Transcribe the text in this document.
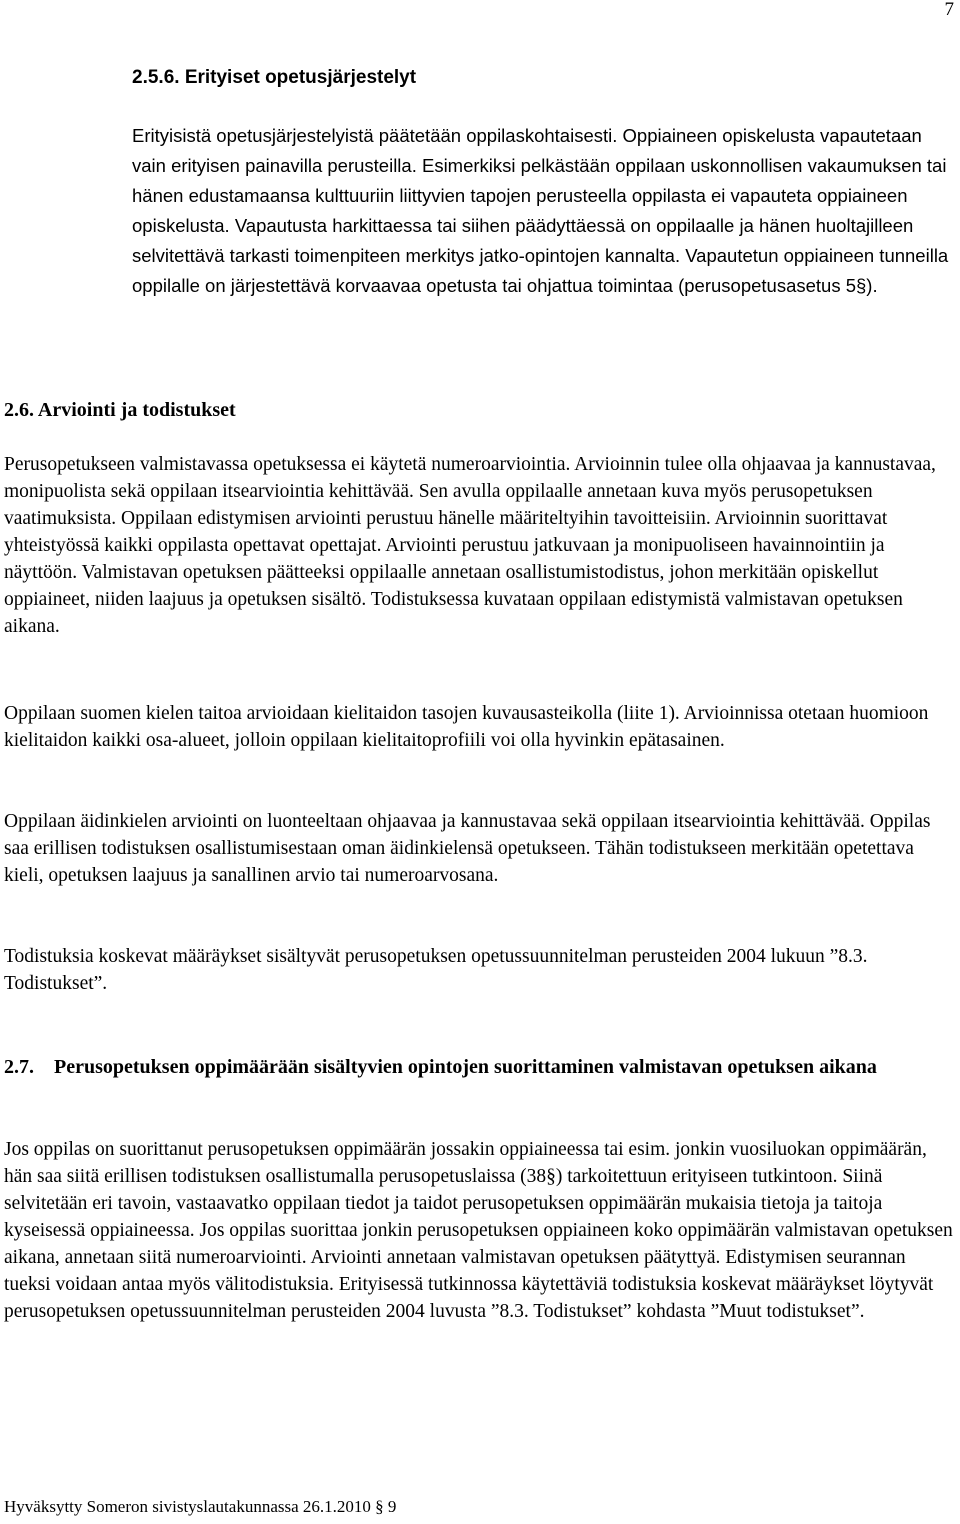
7
2.5.6. Erityiset opetusjärjestelyt

Erityisistä opetusjärjestelyistä päätetään oppilaskohtaisesti. Oppiaineen opiskelusta vapautetaan vain erityisen painavilla perusteilla. Esimerkiksi pelkästään oppilaan uskonnollisen vakaumuksen tai hänen edustamaansa kulttuuriin liittyvien tapojen perusteella oppilasta ei vapauteta oppiaineen opiskelusta. Vapautusta harkittaessa tai siihen päädyttäessä on oppilaalle ja hänen huoltajilleen selvitettävä tarkasti toimenpiteen merkitys jatko-opintojen kannalta. Vapautetun oppiaineen tunneilla oppilalle on järjestettävä korvaavaa opetusta tai ohjattua toimintaa (perusopetusasetus 5§).

2.6. Arviointi ja todistukset

Perusopetukseen valmistavassa opetuksessa ei käytetä numeroarviointia. Arvioinnin tulee olla ohjaavaa ja kannustavaa, monipuolista sekä oppilaan itsearviointia kehittävää. Sen avulla oppilaalle annetaan kuva myös perusopetuksen vaatimuksista. Oppilaan edistymisen arviointi perustuu hänelle määriteltyihin tavoitteisiin. Arvioinnin suorittavat yhteistyössä kaikki oppilasta opettavat opettajat. Arviointi perustuu jatkuvaan ja monipuoliseen havainnointiin ja näyttöön. Valmistavan opetuksen päätteeksi oppilaalle annetaan osallistumistodistus, johon merkitään opiskellut oppiaineet, niiden laajuus ja opetuksen sisältö. Todistuksessa kuvataan oppilaan edistymistä valmistavan opetuksen aikana.

Oppilaan suomen kielen taitoa arvioidaan kielitaidon tasojen kuvausasteikolla (liite 1). Arvioinnissa otetaan huomioon kielitaidon kaikki osa-alueet, jolloin oppilaan kielitaitoprofiili voi olla hyvinkin epätasainen.

Oppilaan äidinkielen arviointi on luonteeltaan ohjaavaa ja kannustavaa sekä oppilaan itsearviointia kehittävää. Oppilas saa erillisen todistuksen osallistumisestaan oman äidinkielensä opetukseen. Tähän todistukseen merkitään opetettava kieli, opetuksen laajuus ja sanallinen arvio tai numeroarvosana.

Todistuksia koskevat määräykset sisältyvät perusopetuksen opetussuunnitelman perusteiden 2004 lukuun ”8.3. Todistukset”.

2.7. Perusopetuksen oppimäärään sisältyvien opintojen suorittaminen valmistavan opetuksen aikana

Jos oppilas on suorittanut perusopetuksen oppimäärän jossakin oppiaineessa tai esim. jonkin vuosiluokan oppimäärän, hän saa siitä erillisen todistuksen osallistumalla perusopetuslaissa (38§) tarkoitettuun erityiseen tutkintoon. Siinä selvitetään eri tavoin, vastaavatko oppilaan tiedot ja taidot perusopetuksen oppimäärän mukaisia tietoja ja taitoja kyseisessä oppiaineessa. Jos oppilas suorittaa jonkin perusopetuksen oppiaineen koko oppimäärän valmistavan opetuksen aikana, annetaan siitä numeroarviointi. Arviointi annetaan valmistavan opetuksen päätyttyä. Edistymisen seurannan tueksi voidaan antaa myös välitodistuksia. Erityisessä tutkinnossa käytettäviä todistuksia koskevat määräykset löytyvät perusopetuksen opetussuunnitelman perusteiden 2004 luvusta ”8.3. Todistukset” kohdasta ”Muut todistukset”.

Hyväksytty Someron sivistyslautakunnassa 26.1.2010 § 9
